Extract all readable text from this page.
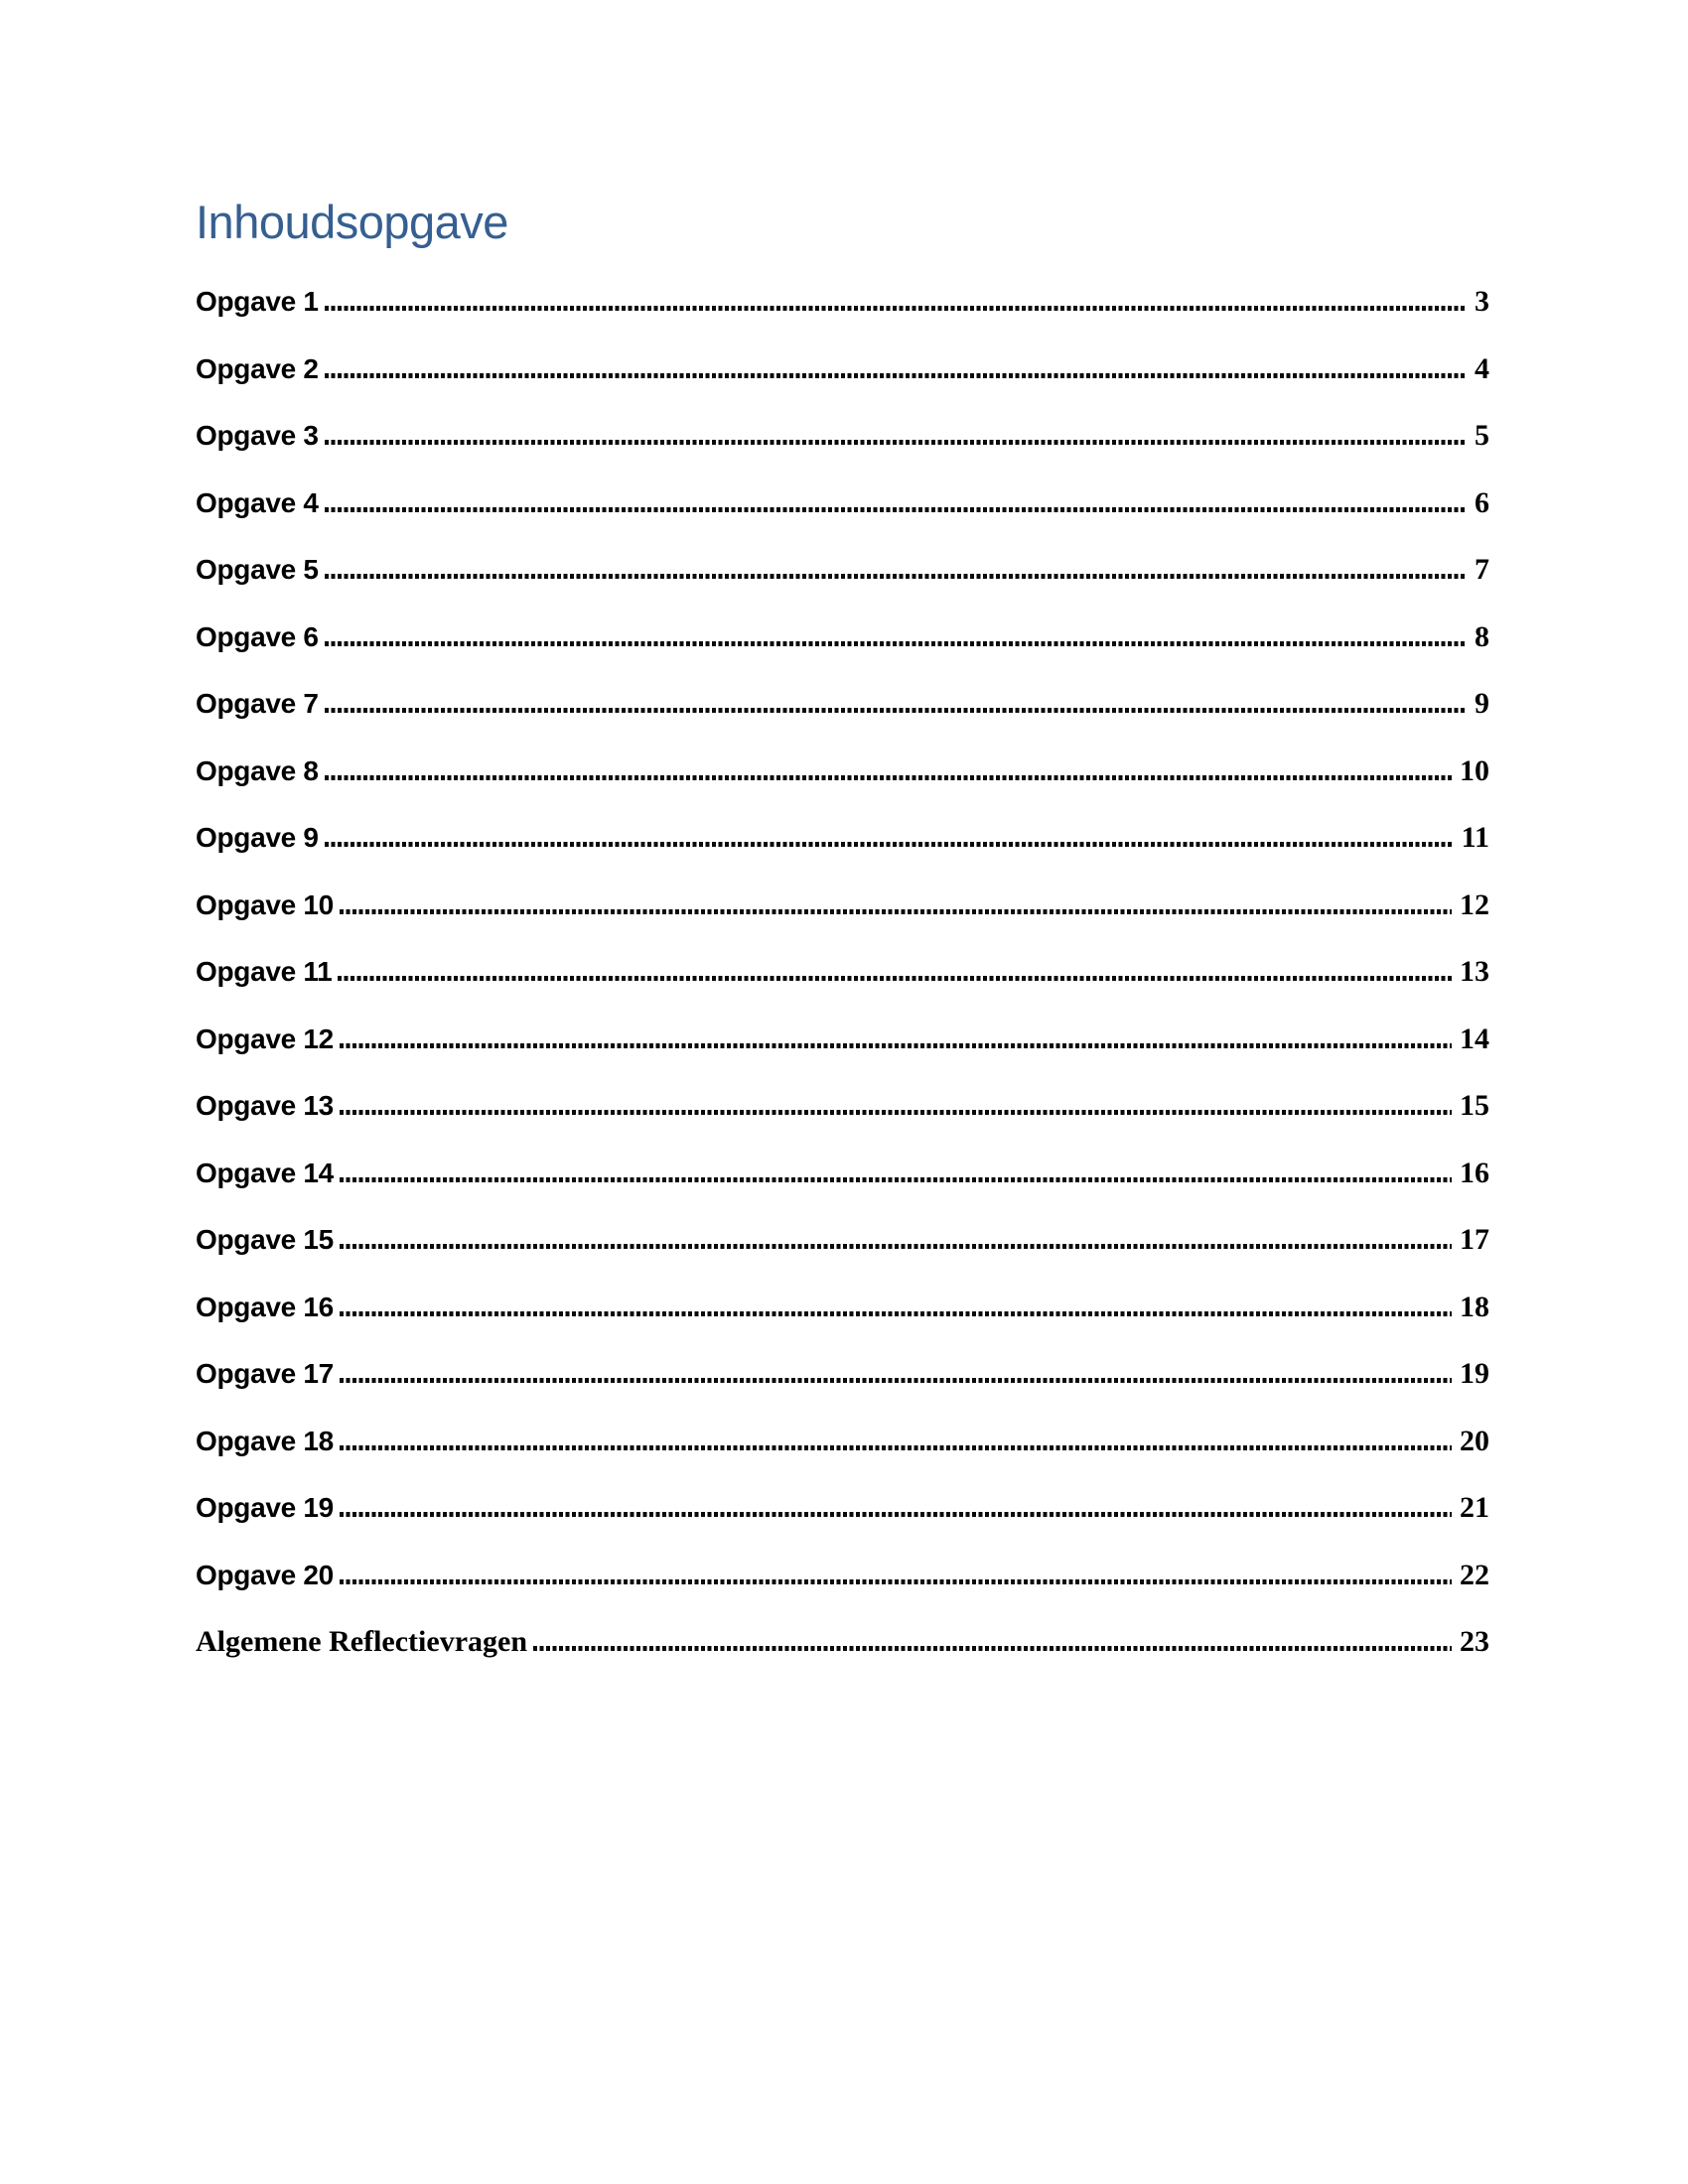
Inhoudsopgave
Opgave 1	3
Opgave 2	4
Opgave 3	5
Opgave 4	6
Opgave 5	7
Opgave 6	8
Opgave 7	9
Opgave 8	10
Opgave 9	11
Opgave 10	12
Opgave 11	13
Opgave 12	14
Opgave 13	15
Opgave 14	16
Opgave 15	17
Opgave 16	18
Opgave 17	19
Opgave 18	20
Opgave 19	21
Opgave 20	22
Algemene Reflectievragen	23
